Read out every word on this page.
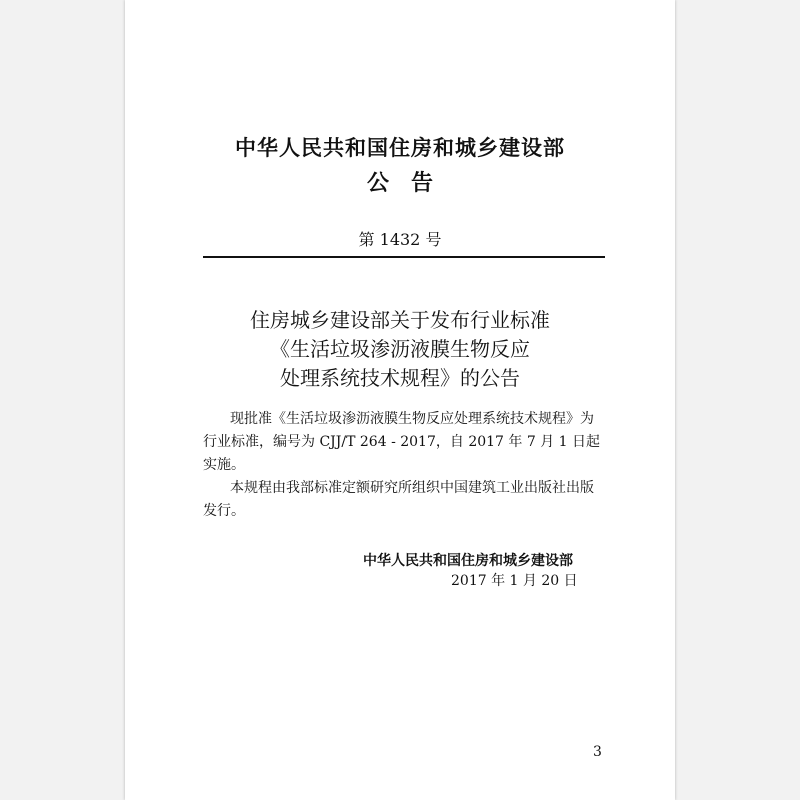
中华人民共和国住房和城乡建设部
公　告

第 1432 号

住房城乡建设部关于发布行业标准
《生活垃圾渗沥液膜生物反应
处理系统技术规程》的公告
现批准《生活垃圾渗沥液膜生物反应处理系统技术规程》为
行业标准，编号为 CJJ/T 264 - 2017，自 2017 年 7 月 1 日起
实施。
本规程由我部标准定额研究所组织中国建筑工业出版社出版
发行。

中华人民共和国住房和城乡建设部

2017 年 1 月 20 日

3
